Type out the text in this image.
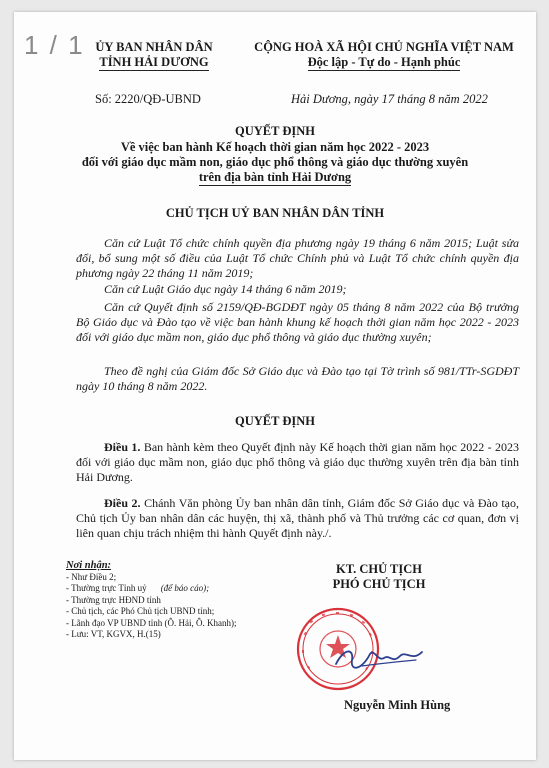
ỦY BAN NHÂN DÂN
TỈNH HẢI DƯƠNG
CỘNG HOÀ XÃ HỘI CHỦ NGHĨA VIỆT NAM
Độc lập - Tự do - Hạnh phúc
Số: 2220/QĐ-UBND	Hải Dương, ngày 17 tháng 8 năm 2022
QUYẾT ĐỊNH
Về việc ban hành Kế hoạch thời gian năm học 2022 - 2023
đối với giáo dục mầm non, giáo dục phổ thông và giáo dục thường xuyên
trên địa bàn tỉnh Hải Dương
CHỦ TỊCH UỶ BAN NHÂN DÂN TỈNH
Căn cứ Luật Tổ chức chính quyền địa phương ngày 19 tháng 6 năm 2015; Luật sửa đổi, bổ sung một số điều của Luật Tổ chức Chính phủ và Luật Tổ chức chính quyền địa phương ngày 22 tháng 11 năm 2019;
Căn cứ Luật Giáo dục ngày 14 tháng 6 năm 2019;
Căn cứ Quyết định số 2159/QĐ-BGDĐT ngày 05 tháng 8 năm 2022 của Bộ trưởng Bộ Giáo dục và Đào tạo về việc ban hành khung kế hoạch thời gian năm học 2022 - 2023 đối với giáo dục mầm non, giáo dục phổ thông và giáo dục thường xuyên;
Theo đề nghị của Giám đốc Sở Giáo dục và Đào tạo tại Tờ trình số 981/TTr-SGDĐT ngày 10 tháng 8 năm 2022.
QUYẾT ĐỊNH
Điều 1. Ban hành kèm theo Quyết định này Kế hoạch thời gian năm học 2022 - 2023 đối với giáo dục mầm non, giáo dục phổ thông và giáo dục thường xuyên trên địa bàn tỉnh Hải Dương.
Điều 2. Chánh Văn phòng Ủy ban nhân dân tỉnh, Giám đốc Sở Giáo dục và Đào tạo, Chủ tịch Ủy ban nhân dân các huyện, thị xã, thành phố và Thủ trưởng các cơ quan, đơn vị liên quan chịu trách nhiệm thi hành Quyết định này./.
Nơi nhận:
- Như Điều 2;
- Thường trực Tỉnh uỷ (để báo cáo);
- Thường trực HĐND tỉnh
- Chủ tịch, các Phó Chủ tịch UBND tỉnh;
- Lãnh đạo VP UBND tỉnh (Ô. Hải, Ô. Khanh);
- Lưu: VT, KGVX, H.(15)
KT. CHỦ TỊCH
PHÓ CHỦ TỊCH
Nguyễn Minh Hùng
1 / 1
